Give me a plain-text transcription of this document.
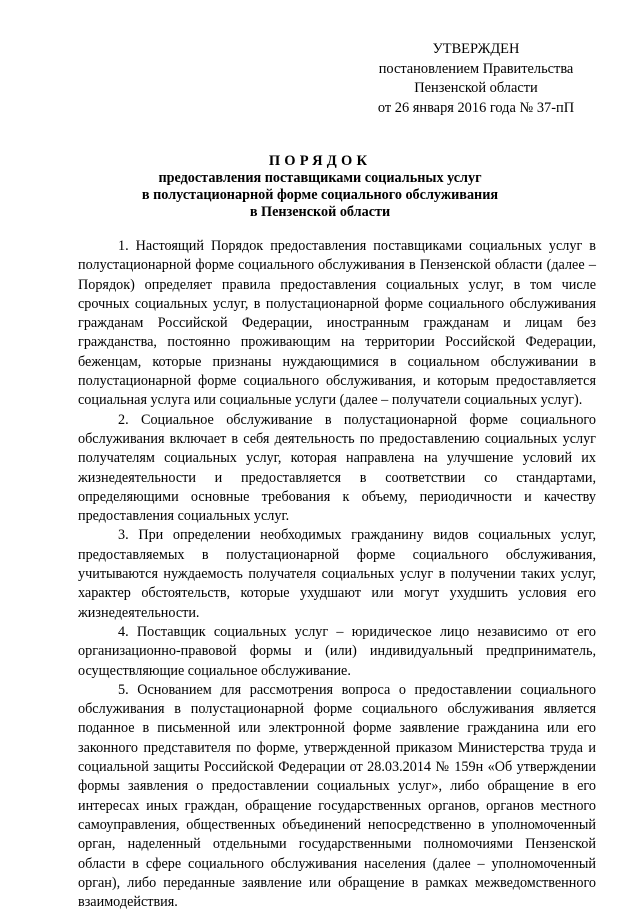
УТВЕРЖДЕН
постановлением Правительства
Пензенской области
от 26 января 2016 года № 37-пП
ПОРЯДОК
предоставления поставщиками социальных услуг
в полустационарной форме социального обслуживания
в Пензенской области

1. Настоящий Порядок предоставления поставщиками социальных услуг в полустационарной форме социального обслуживания в Пензенской области (далее – Порядок) определяет правила предоставления социальных услуг, в том числе срочных социальных услуг, в полустационарной форме социального обслуживания гражданам Российской Федерации, иностранным гражданам и лицам без гражданства, постоянно проживающим на территории Российской Федерации, беженцам, которые признаны нуждающимися в социальном обслуживании в полустационарной форме социального обслуживания, и которым предоставляется социальная услуга или социальные услуги (далее – получатели социальных услуг).

2. Социальное обслуживание в полустационарной форме социального обслуживания включает в себя деятельность по предоставлению социальных услуг получателям социальных услуг, которая направлена на улучшение условий их жизнедеятельности и предоставляется в соответствии со стандартами, определяющими основные требования к объему, периодичности и качеству предоставления социальных услуг.

3. При определении необходимых гражданину видов социальных услуг, предоставляемых в полустационарной форме социального обслуживания, учитываются нуждаемость получателя социальных услуг в получении таких услуг, характер обстоятельств, которые ухудшают или могут ухудшить условия его жизнедеятельности.

4. Поставщик социальных услуг – юридическое лицо независимо от его организационно-правовой формы и (или) индивидуальный предприниматель, осуществляющие социальное обслуживание.

5. Основанием для рассмотрения вопроса о предоставлении социального обслуживания в полустационарной форме социального обслуживания является поданное в письменной или электронной форме заявление гражданина или его законного представителя по форме, утвержденной приказом Министерства труда и социальной защиты Российской Федерации от 28.03.2014 № 159н «Об утверждении формы заявления о предоставлении социальных услуг», либо обращение в его интересах иных граждан, обращение государственных органов, органов местного самоуправления, общественных объединений непосредственно в уполномоченный орган, наделенный отдельными государственными полномочиями Пензенской области в сфере социального обслуживания населения (далее – уполномоченный орган), либо переданные заявление или обращение в рамках межведомственного взаимодействия.
